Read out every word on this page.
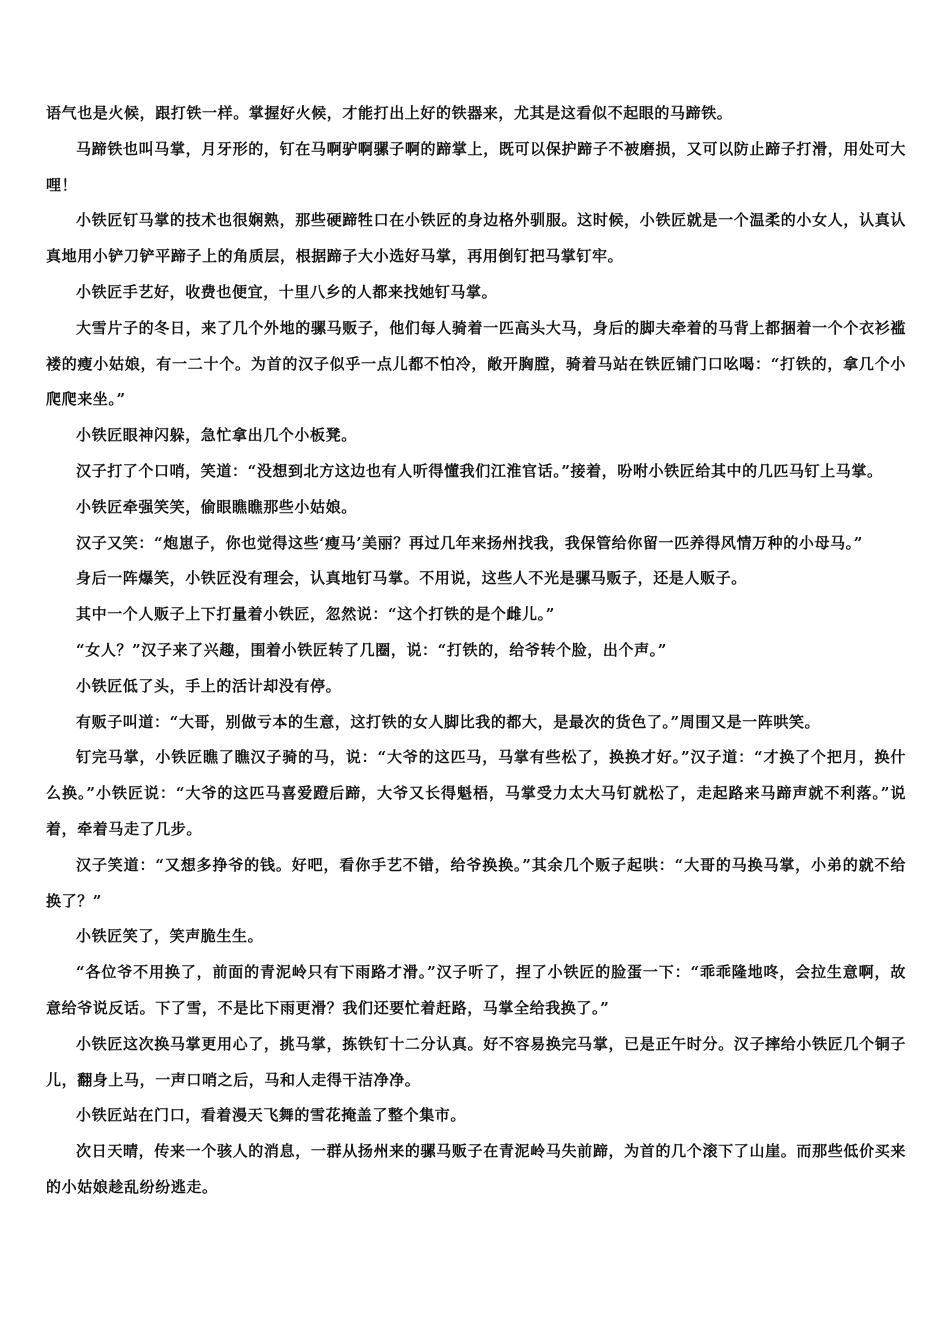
语气也是火候，跟打铁一样。掌握好火候，才能打出上好的铁器来，尤其是这看似不起眼的马蹄铁。

马蹄铁也叫马掌，月牙形的，钉在马啊驴啊骡子啊的蹄掌上，既可以保护蹄子不被磨损，又可以防止蹄子打滑，用处可大哩！

小铁匠钉马掌的技术也很娴熟，那些硬蹄牲口在小铁匠的身边格外驯服。这时候，小铁匠就是一个温柔的小女人，认真认真地用小铲刀铲平蹄子上的角质层，根据蹄子大小选好马掌，再用倒钉把马掌钉牢。

小铁匠手艺好，收费也便宜，十里八乡的人都来找她钉马掌。

大雪片子的冬日，来了几个外地的骡马贩子，他们每人骑着一匹高头大马，身后的脚夫牵着的马背上都捆着一个个衣衫褴褛的瘦小姑娘，有一二十个。为首的汉子似乎一点儿都不怕冷，敞开胸膛，骑着马站在铁匠铺门口吆喝：“打铁的，拿几个小爬爬来坐。”

小铁匠眼神闪躲，急忙拿出几个小板凳。

汉子打了个口哨，笑道：“没想到北方这边也有人听得懂我们江淮官话。”接着，吩咐小铁匠给其中的几匹马钉上马掌。

小铁匠牵强笑笑，偷眼瞧瞧那些小姑娘。

汉子又笑：“炮崽子，你也觉得这些‘瘦马’美丽？再过几年来扬州找我，我保管给你留一匹养得风情万种的小母马。”

身后一阵爆笑，小铁匠没有理会，认真地钉马掌。不用说，这些人不光是骡马贩子，还是人贩子。

其中一个人贩子上下打量着小铁匠，忽然说：“这个打铁的是个雌儿。”

“女人？”汉子来了兴趣，围着小铁匠转了几圈，说：“打铁的，给爷转个脸，出个声。”

小铁匠低了头，手上的活计却没有停。

有贩子叫道：“大哥，别做亏本的生意，这打铁的女人脚比我的都大，是最次的货色了。”周围又是一阵哄笑。

钉完马掌，小铁匠瞧了瞧汉子骑的马，说：“大爷的这匹马，马掌有些松了，换换才好。”汉子道：“才换了个把月，换什么换。”小铁匠说：“大爷的这匹马喜爱蹬后蹄，大爷又长得魁梧，马掌受力太大马钉就松了，走起路来马蹄声就不利落。”说着，牵着马走了几步。

汉子笑道：“又想多挣爷的钱。好吧，看你手艺不错，给爷换换。”其余几个贩子起哄：“大哥的马换马掌，小弟的就不给换了？”

小铁匠笑了，笑声脆生生。

“各位爷不用换了，前面的青泥岭只有下雨路才滑。”汉子听了，捏了小铁匠的脸蛋一下：“乖乖隆地咚，会拉生意啊，故意给爷说反话。下了雪，不是比下雨更滑？我们还要忙着赶路，马掌全给我换了。”

小铁匠这次换马掌更用心了，挑马掌，拣铁钉十二分认真。好不容易换完马掌，已是正午时分。汉子摔给小铁匠几个铜子儿，翻身上马，一声口哨之后，马和人走得干洁净净。

小铁匠站在门口，看着漫天飞舞的雪花掩盖了整个集市。

次日天晴，传来一个骇人的消息，一群从扬州来的骡马贩子在青泥岭马失前蹄，为首的几个滚下了山崖。而那些低价买来的小姑娘趁乱纷纷逃走。
